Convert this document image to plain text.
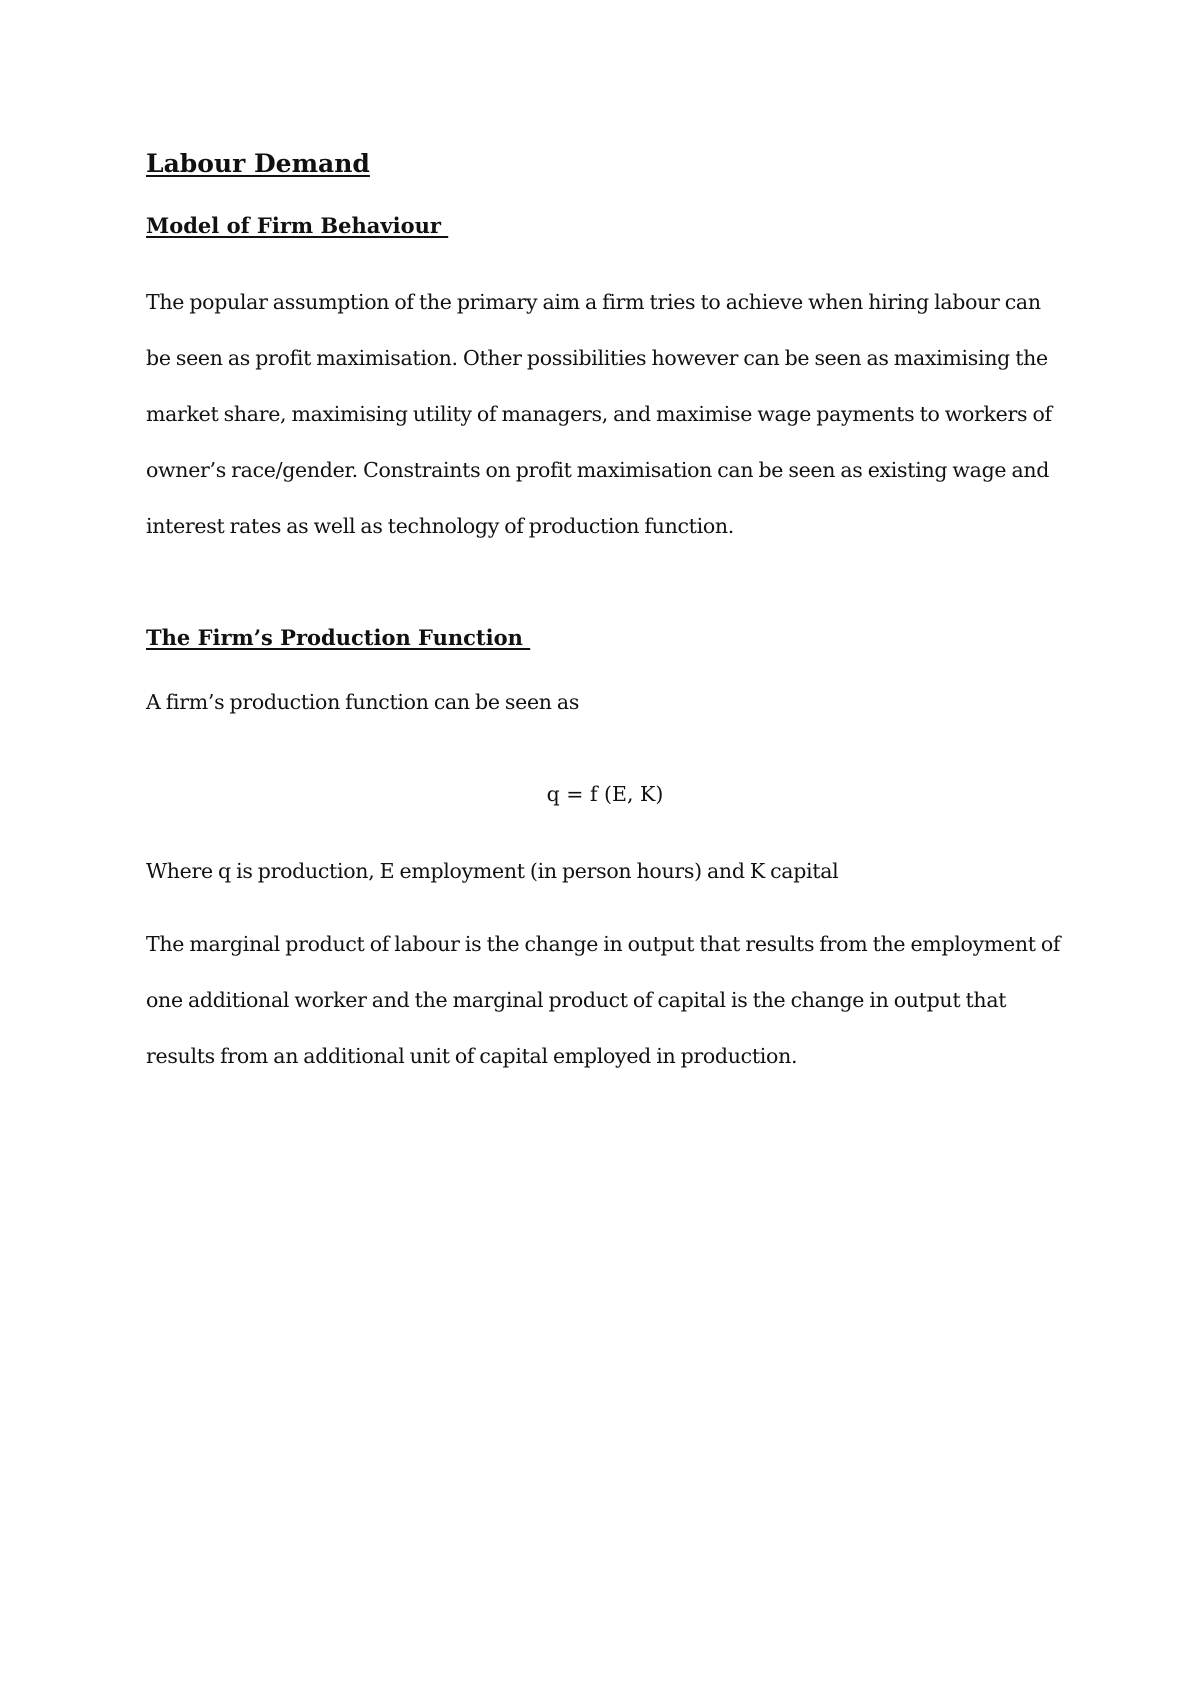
Labour Demand
Model of Firm Behaviour

The popular assumption of the primary aim a firm tries to achieve when hiring labour can be seen as profit maximisation. Other possibilities however can be seen as maximising the market share, maximising utility of managers, and maximise wage payments to workers of owner’s race/gender. Constraints on profit maximisation can be seen as existing wage and interest rates as well as technology of production function.

The Firm’s Production Function

A firm’s production function can be seen as

q = f (E, K)

Where q is production, E employment (in person hours) and K capital

The marginal product of labour is the change in output that results from the employment of one additional worker and the marginal product of capital is the change in output that results from an additional unit of capital employed in production.
